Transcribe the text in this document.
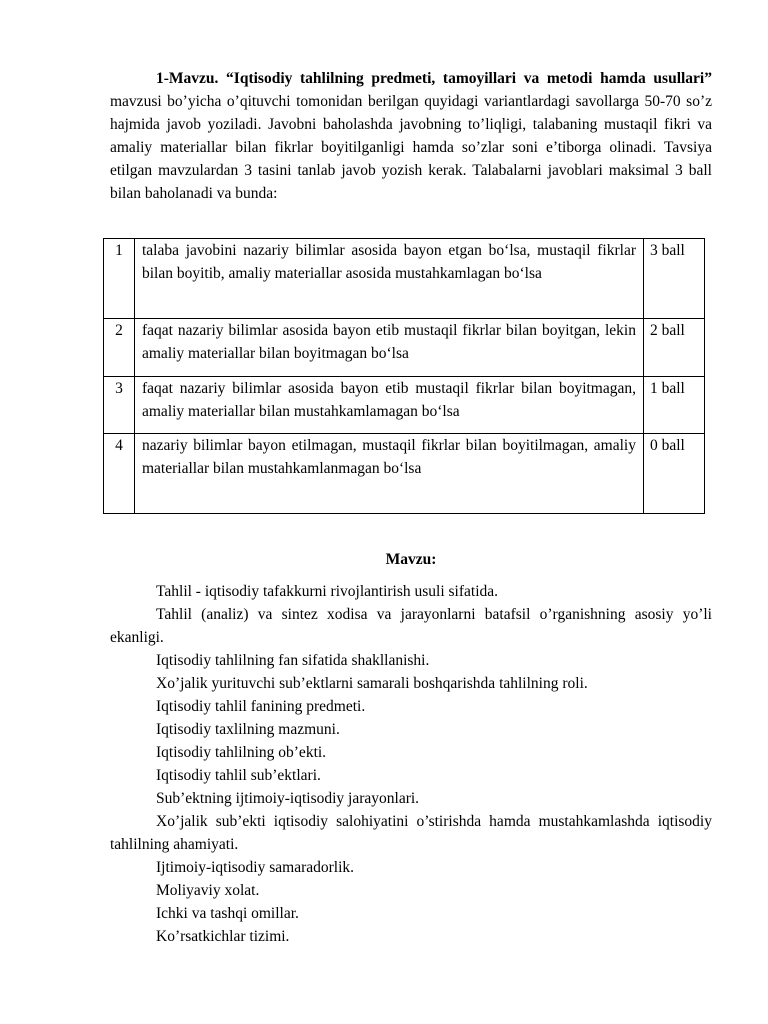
1-Mavzu. “Iqtisodiy tahlilning predmeti, tamoyillari va metodi hamda usullari” mavzusi bo’yicha o’qituvchi tomonidan berilgan quyidagi variantlardagi savollarga 50-70 so’z hajmida javob yoziladi. Javobni baholashda javobning to’liqligi, talabaning mustaqil fikri va amaliy materiallar bilan fikrlar boyitilganligi hamda so’zlar soni e’tiborga olinadi. Tavsiya etilgan mavzulardan 3 tasini tanlab javob yozish kerak. Talabalarni javoblari maksimal 3 ball bilan baholanadi va bunda:

1	talaba javobini nazariy bilimlar asosida bayon etgan bo‘lsa, mustaqil fikrlar bilan boyitib, amaliy materiallar asosida mustahkamlagan bo‘lsa	3 ball
2	faqat nazariy bilimlar asosida bayon etib mustaqil fikrlar bilan boyitgan, lekin amaliy materiallar bilan boyitmagan bo‘lsa	2 ball
3	faqat nazariy bilimlar asosida bayon etib mustaqil fikrlar bilan boyitmagan, amaliy materiallar bilan mustahkamlamagan bo‘lsa	1 ball
4	nazariy bilimlar bayon etilmagan, mustaqil fikrlar bilan boyitilmagan, amaliy materiallar bilan mustahkamlanmagan bo‘lsa	0 ball
Mavzu:
Tahlil - iqtisodiy tafakkurni rivojlantirish usuli sifatida.
Tahlil (analiz) va sintez xodisa va jarayonlarni batafsil o’rganishning asosiy yo’li ekanligi.
Iqtisodiy tahlilning fan sifatida shakllanishi.
Xo’jalik yurituvchi sub’ektlarni samarali boshqarishda tahlilning roli.
Iqtisodiy tahlil fanining predmeti.
Iqtisodiy taxlilning mazmuni.
Iqtisodiy tahlilning ob’ekti.
Iqtisodiy tahlil sub’ektlari.
Sub’ektning ijtimoiy-iqtisodiy jarayonlari.
Xo’jalik sub’ekti iqtisodiy salohiyatini o’stirishda hamda mustahkamlashda iqtisodiy tahlilning ahamiyati.
Ijtimoiy-iqtisodiy samaradorlik.
Moliyaviy xolat.
Ichki va tashqi omillar.
Ko’rsatkichlar tizimi.
